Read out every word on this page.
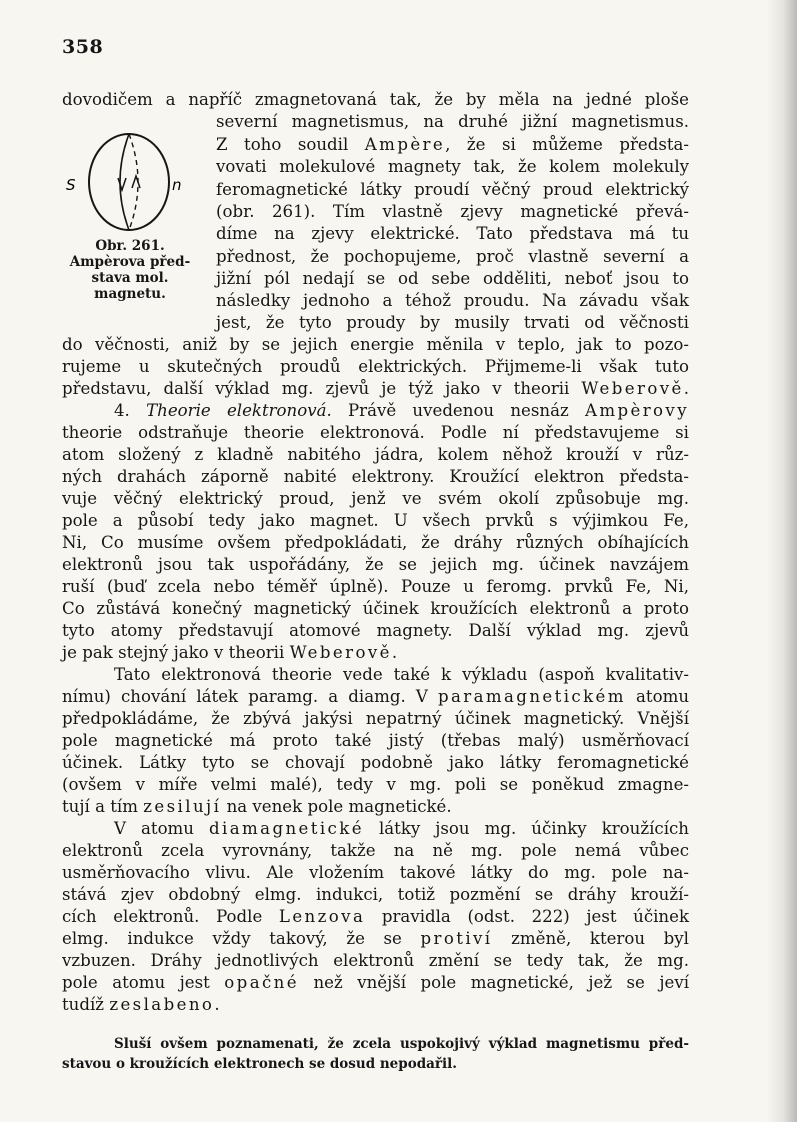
358
S	n
Obr. 261.
Ampèrova před-
stava mol.
magnetu.
dovodičem a napříč zmagnetovaná tak, že by měla na jedné ploše
severní magnetismus, na druhé jižní magnetismus.
Z toho soudil Ampère, že si můžeme předsta-
vovati molekulové magnety tak, že kolem molekuly
feromagnetické látky proudí věčný proud elektrický
(obr. 261). Tím vlastně zjevy magnetické převá-
díme na zjevy elektrické. Tato představa má tu
přednost, že pochopujeme, proč vlastně severní a
jižní pól nedají se od sebe odděliti, neboť jsou to
následky jednoho a téhož proudu. Na závadu však
jest, že tyto proudy by musily trvati od věčnosti
do věčnosti, aniž by se jejich energie měnila v teplo, jak to pozo-
rujeme u skutečných proudů elektrických. Přijmeme-li však tuto
představu, další výklad mg. zjevů je týž jako v theorii Weberově.
4. Theorie elektronová. Právě uvedenou nesnáz Ampèrovy
theorie odstraňuje theorie elektronová. Podle ní představujeme si
atom složený z kladně nabitého jádra, kolem něhož krouží v růz-
ných drahách záporně nabité elektrony. Kroužící elektron předsta-
vuje věčný elektrický proud, jenž ve svém okolí způsobuje mg.
pole a působí tedy jako magnet. U všech prvků s výjimkou Fe,
Ni, Co musíme ovšem předpokládati, že dráhy různých obíhajících
elektronů jsou tak uspořádány, že se jejich mg. účinek navzájem
ruší (buď zcela nebo téměř úplně). Pouze u feromg. prvků Fe, Ni,
Co zůstává konečný magnetický účinek kroužících elektronů a proto
tyto atomy představují atomové magnety. Další výklad mg. zjevů
je pak stejný jako v theorii Weberově.
Tato elektronová theorie vede také k výkladu (aspoň kvalitativ-
nímu) chování látek paramg. a diamg. V paramagnetickém atomu
předpokládáme, že zbývá jakýsi nepatrný účinek magnetický. Vnější
pole magnetické má proto také jistý (třebas malý) usměrňovací
účinek. Látky tyto se chovají podobně jako látky feromagnetické
(ovšem v míře velmi malé), tedy v mg. poli se poněkud zmagne-
tují a tím zesilují na venek pole magnetické.
V atomu diamagnetické látky jsou mg. účinky kroužících
elektronů zcela vyrovnány, takže na ně mg. pole nemá vůbec
usměrňovacího vlivu. Ale vložením takové látky do mg. pole na-
stává zjev obdobný elmg. indukci, totiž pozmění se dráhy krouží-
cích elektronů. Podle Lenzova pravidla (odst. 222) jest účinek
elmg. indukce vždy takový, že se protiví změně, kterou byl
vzbuzen. Dráhy jednotlivých elektronů změní se tedy tak, že mg.
pole atomu jest opačné než vnější pole magnetické, jež se jeví
tudíž zeslabeno.
Sluší ovšem poznamenati, že zcela uspokojivý výklad magnetismu před-
stavou o kroužících elektronech se dosud nepodařil.
